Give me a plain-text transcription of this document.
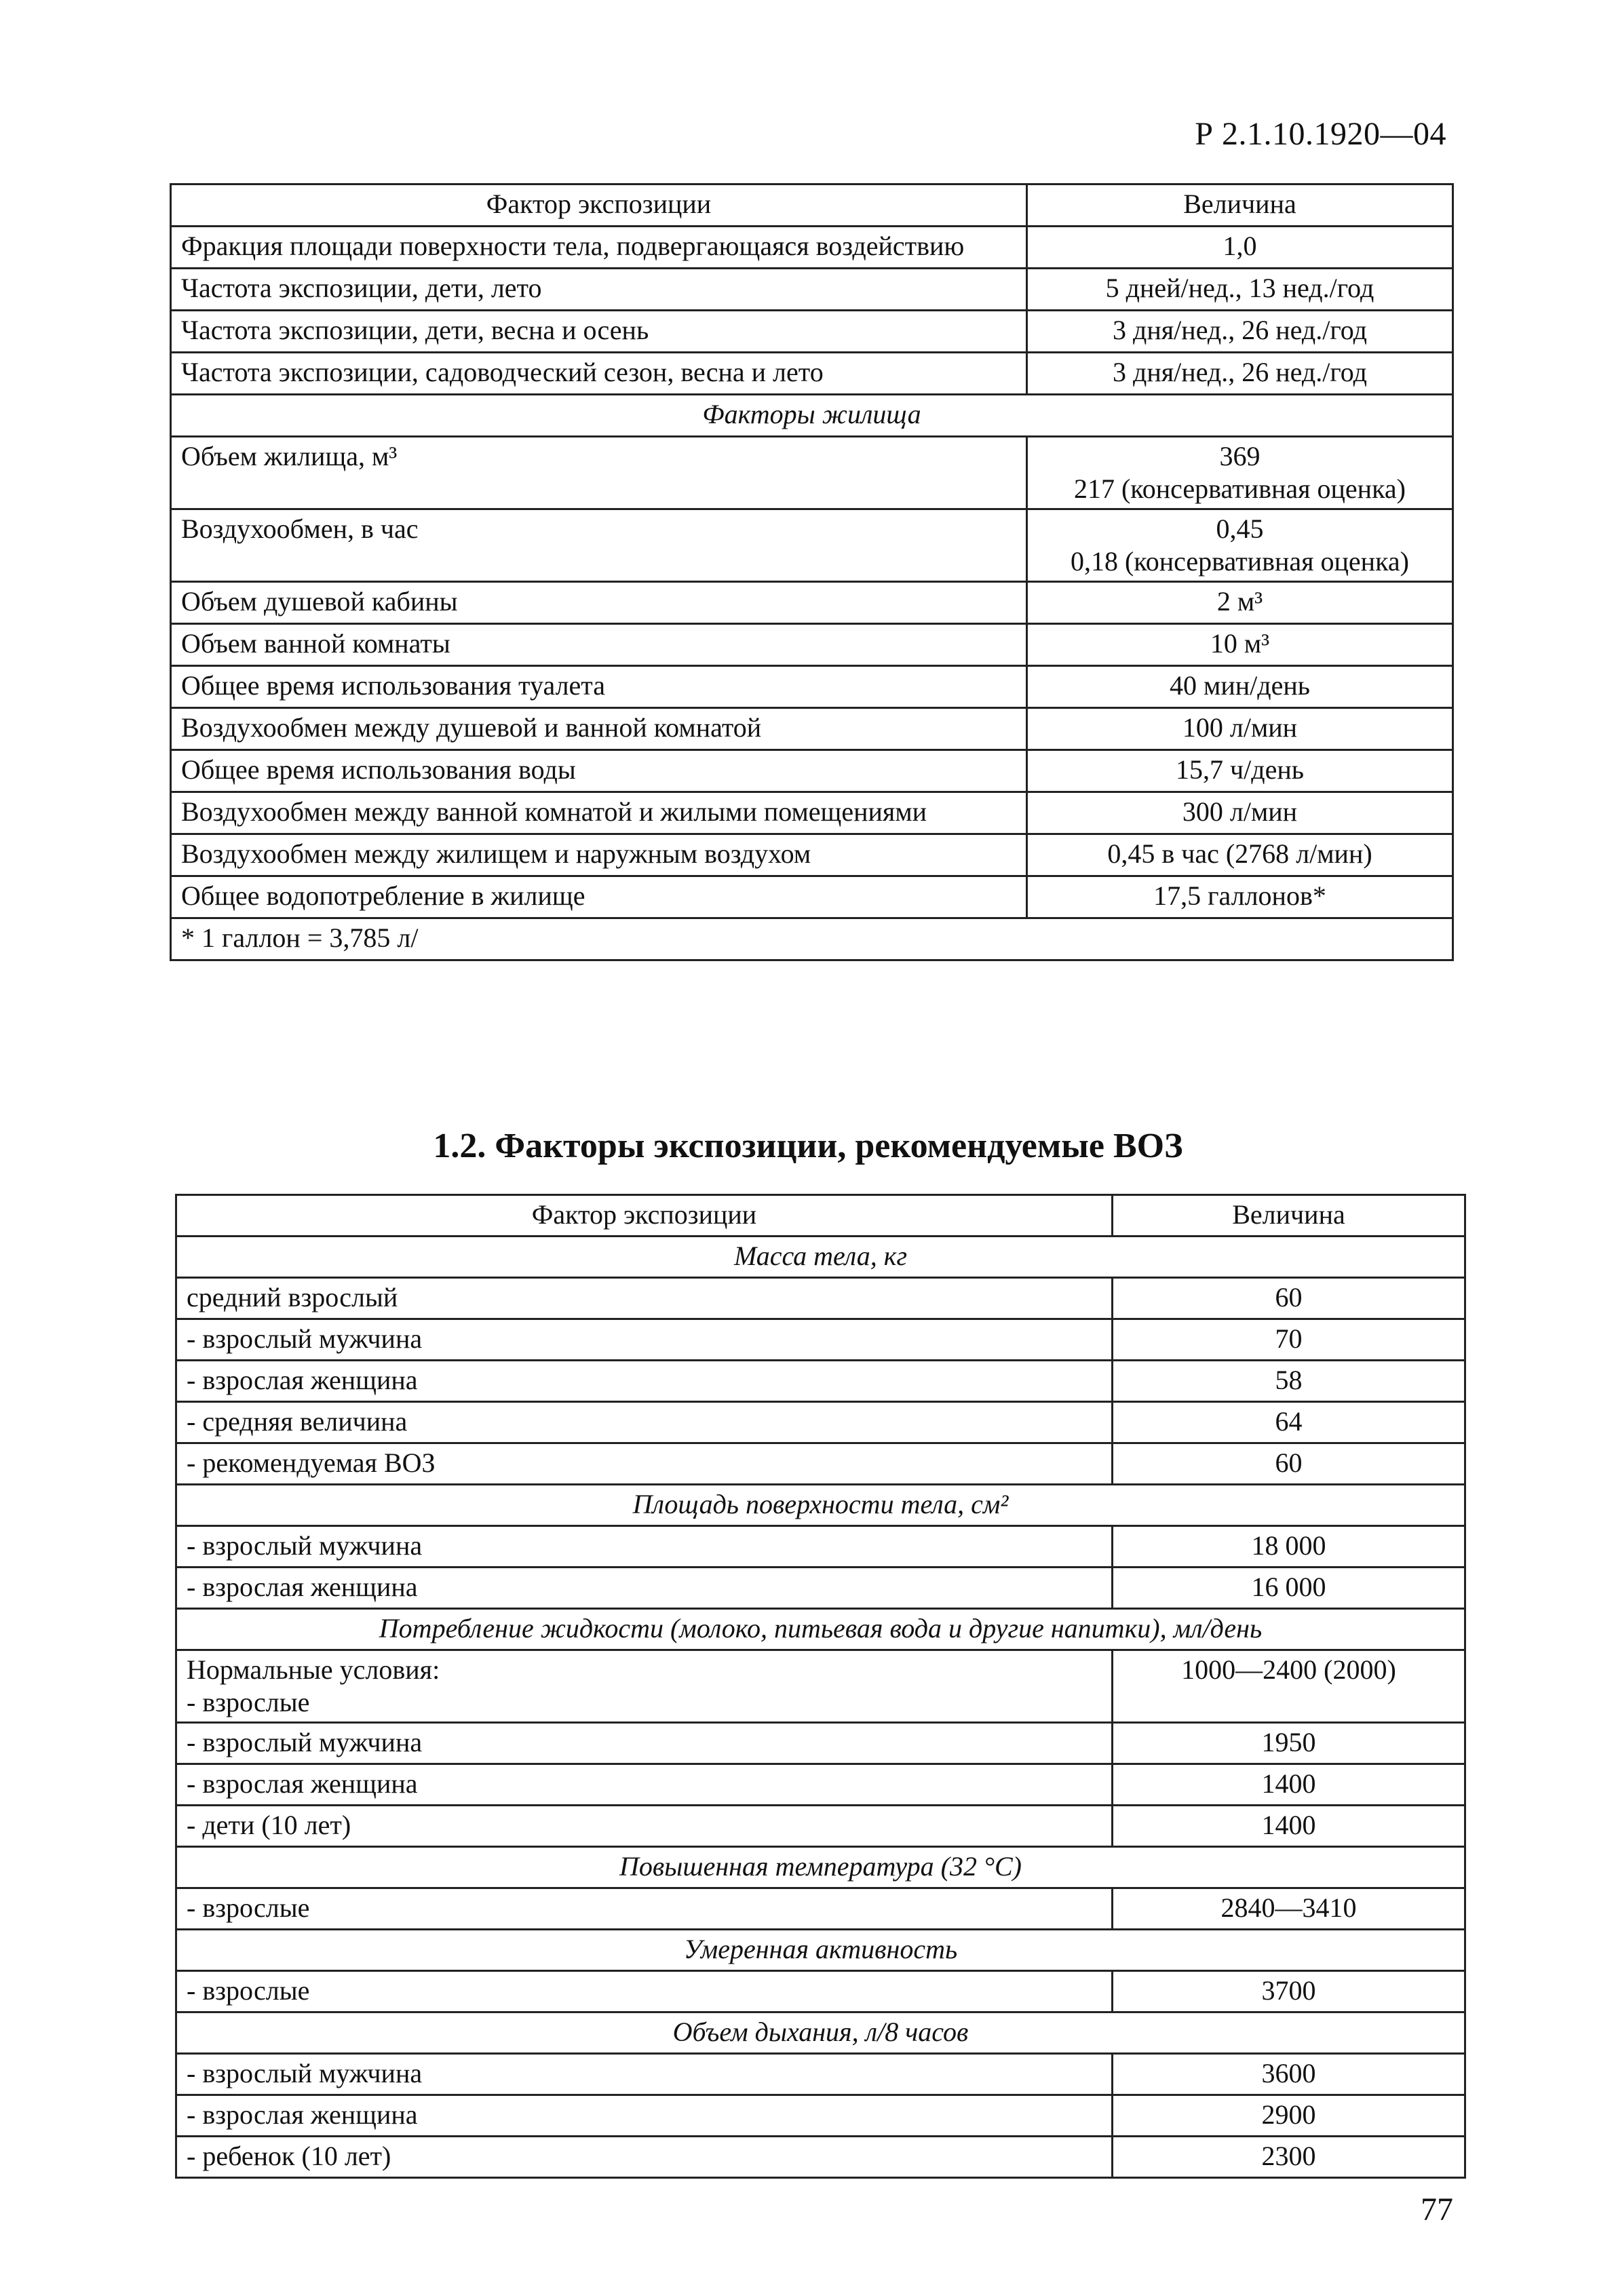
Р 2.1.10.1920—04
Фактор экспозиции	Величина
Фракция площади поверхности тела, подвергающаяся воздействию	1,0
Частота экспозиции, дети, лето	5 дней/нед., 13 нед./год
Частота экспозиции, дети, весна и осень	3 дня/нед., 26 нед./год
Частота экспозиции, садоводческий сезон, весна и лето	3 дня/нед., 26 нед./год
Факторы жилища	
Объем жилища, м³	369
217 (консервативная оценка)
Воздухообмен, в час	0,45
0,18 (консервативная оценка)
Объем душевой кабины	2 м³
Объем ванной комнаты	10 м³
Общее время использования туалета	40 мин/день
Воздухообмен между душевой и ванной комнатой	100 л/мин
Общее время использования воды	15,7 ч/день
Воздухообмен между ванной комнатой и жилыми помещениями	300 л/мин
Воздухообмен между жилищем и наружным воздухом	0,45 в час (2768 л/мин)
Общее водопотребление в жилище	17,5 галлонов*
* 1 галлон = 3,785 л/	
1.2. Факторы экспозиции, рекомендуемые ВОЗ
Фактор экспозиции	Величина
Масса тела, кг	
средний взрослый	60
- взрослый мужчина	70
- взрослая женщина	58
- средняя величина	64
- рекомендуемая ВОЗ	60
Площадь поверхности тела, см²	
- взрослый мужчина	18 000
- взрослая женщина	16 000
Потребление жидкости (молоко, питьевая вода и другие напитки), мл/день	
Нормальные условия:
- взрослые	1000—2400 (2000)
- взрослый мужчина	1950
- взрослая женщина	1400
- дети (10 лет)	1400
Повышенная температура (32 °С)	
- взрослые	2840—3410
Умеренная активность	
- взрослые	3700
Объем дыхания, л/8 часов	
- взрослый мужчина	3600
- взрослая женщина	2900
- ребенок (10 лет)	2300
77
